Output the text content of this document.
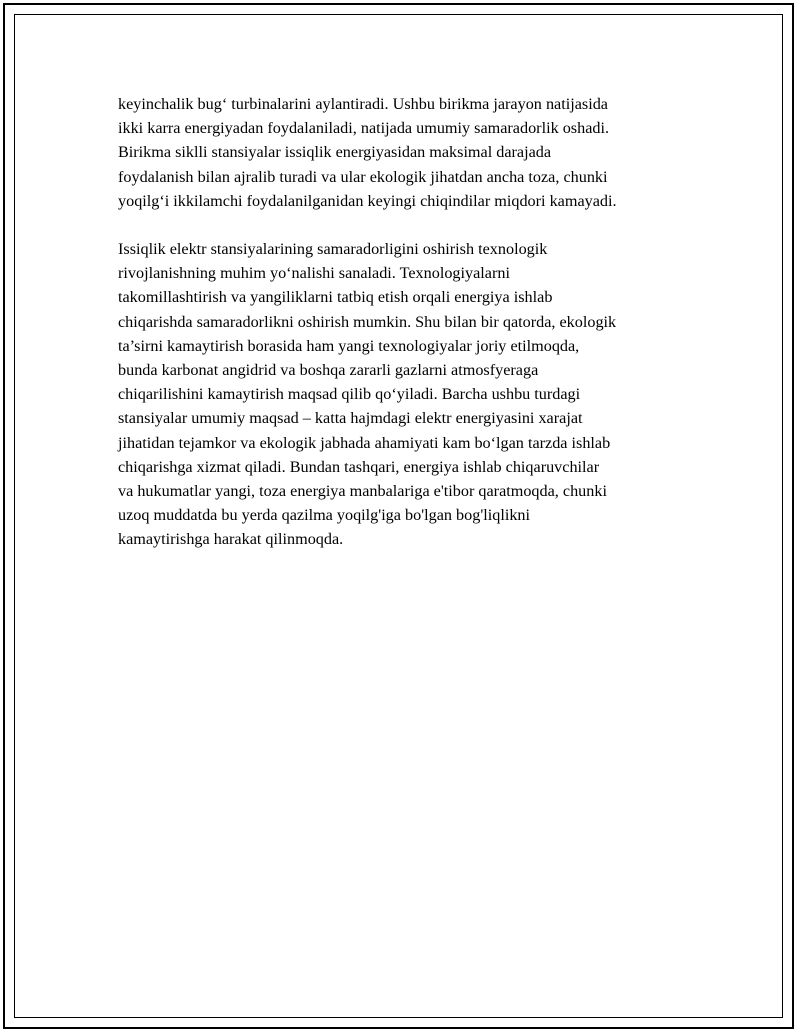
keyinchalik bug‘ turbinalarini aylantiradi. Ushbu birikma jarayon natijasida
ikki karra energiyadan foydalaniladi, natijada umumiy samaradorlik oshadi.
Birikma siklli stansiyalar issiqlik energiyasidan maksimal darajada
foydalanish bilan ajralib turadi va ular ekologik jihatdan ancha toza, chunki
yoqilg‘i ikkilamchi foydalanilganidan keyingi chiqindilar miqdori kamayadi.

Issiqlik elektr stansiyalarining samaradorligini oshirish texnologik
rivojlanishning muhim yo‘nalishi sanaladi. Texnologiyalarni
takomillashtirish va yangiliklarni tatbiq etish orqali energiya ishlab
chiqarishda samaradorlikni oshirish mumkin. Shu bilan bir qatorda, ekologik
ta’sirni kamaytirish borasida ham yangi texnologiyalar joriy etilmoqda,
bunda karbonat angidrid va boshqa zararli gazlarni atmosfyeraga
chiqarilishini kamaytirish maqsad qilib qo‘yiladi. Barcha ushbu turdagi
stansiyalar umumiy maqsad – katta hajmdagi elektr energiyasini xarajat
jihatidan tejamkor va ekologik jabhada ahamiyati kam bo‘lgan tarzda ishlab
chiqarishga xizmat qiladi. Bundan tashqari, energiya ishlab chiqaruvchilar
va hukumatlar yangi, toza energiya manbalariga e'tibor qaratmoqda, chunki
uzoq muddatda bu yerda qazilma yoqilg'iga bo'lgan bog'liqlikni
kamaytirishga harakat qilinmoqda.
